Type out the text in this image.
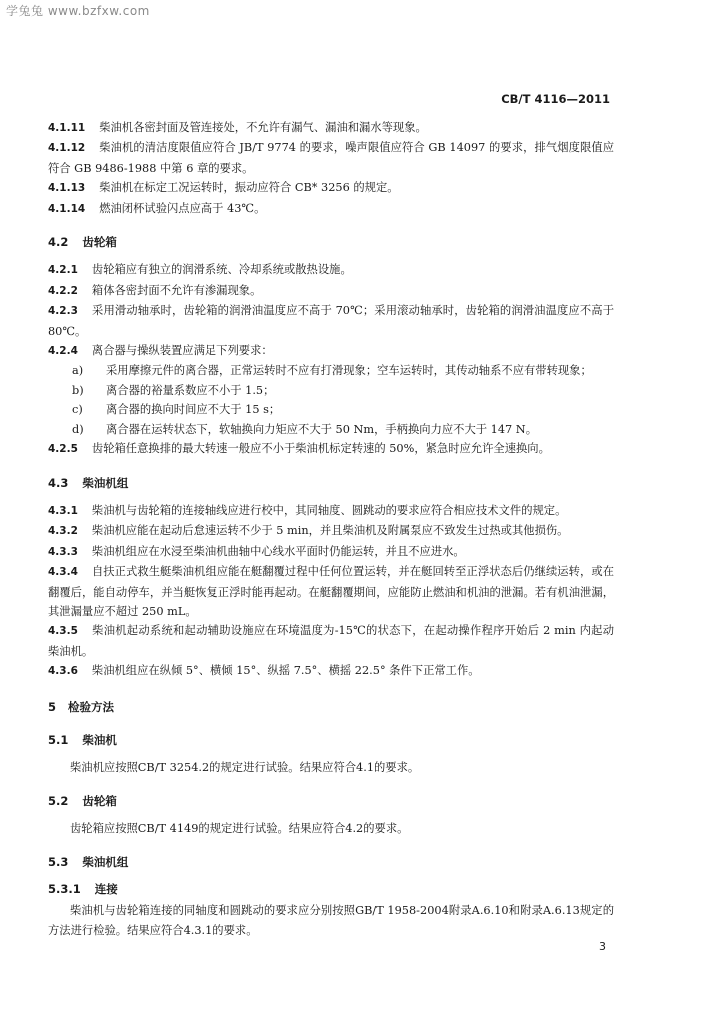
学兔兔 www.bzfxw.com
CB/T 4116—2011

4.1.11 柴油机各密封面及管连接处，不允许有漏气、漏油和漏水等现象。

4.1.12 柴油机的清洁度限值应符合 JB/T 9774 的要求，噪声限值应符合 GB 14097 的要求，排气烟度限值应符合 GB 9486-1988 中第 6 章的要求。

4.1.13 柴油机在标定工况运转时，振动应符合 CB* 3256 的规定。

4.1.14 燃油闭杯试验闪点应高于 43℃。

4.2 齿轮箱

4.2.1 齿轮箱应有独立的润滑系统、冷却系统或散热设施。

4.2.2 箱体各密封面不允许有渗漏现象。

4.2.3 采用滑动轴承时，齿轮箱的润滑油温度应不高于 70℃；采用滚动轴承时，齿轮箱的润滑油温度应不高于 80℃。

4.2.4 离合器与操纵装置应满足下列要求：

a)	采用摩擦元件的离合器，正常运转时不应有打滑现象；空车运转时，其传动轴系不应有带转现象；

b)	离合器的裕量系数应不小于 1.5；

c)	离合器的换向时间应不大于 15 s；

d)	离合器在运转状态下，软轴换向力矩应不大于 50 Nm，手柄换向力应不大于 147 N。

4.2.5 齿轮箱任意换排的最大转速一般应不小于柴油机标定转速的 50%，紧急时应允许全速换向。

4.3 柴油机组

4.3.1 柴油机与齿轮箱的连接轴线应进行校中，其同轴度、圆跳动的要求应符合相应技术文件的规定。

4.3.2 柴油机应能在起动后怠速运转不少于 5 min，并且柴油机及附属泵应不致发生过热或其他损伤。

4.3.3 柴油机组应在水浸至柴油机曲轴中心线水平面时仍能运转，并且不应进水。

4.3.4 自扶正式救生艇柴油机组应能在艇翻覆过程中任何位置运转，并在艇回转至正浮状态后仍继续运转，或在翻覆后，能自动停车，并当艇恢复正浮时能再起动。在艇翻覆期间，应能防止燃油和机油的泄漏。若有机油泄漏，其泄漏量应不超过 250 mL。

4.3.5 柴油机起动系统和起动辅助设施应在环境温度为-15℃的状态下，在起动操作程序开始后 2 min 内起动柴油机。

4.3.6 柴油机组应在纵倾 5°、横倾 15°、纵摇 7.5°、横摇 22.5° 条件下正常工作。

5 检验方法
5.1 柴油机

柴油机应按照CB/T 3254.2的规定进行试验。结果应符合4.1的要求。

5.2 齿轮箱

齿轮箱应按照CB/T 4149的规定进行试验。结果应符合4.2的要求。

5.3 柴油机组
5.3.1 连接

柴油机与齿轮箱连接的同轴度和圆跳动的要求应分别按照GB/T 1958-2004附录A.6.10和附录A.6.13规定的方法进行检验。结果应符合4.3.1的要求。

3
